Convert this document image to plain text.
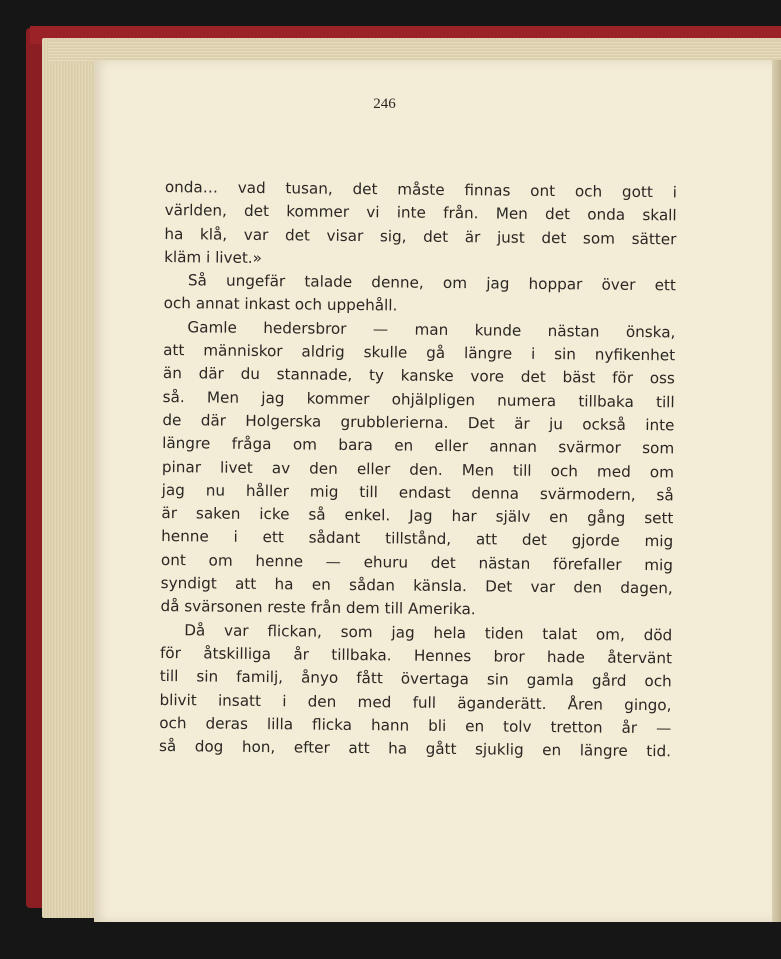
246
onda… vad tusan, det måste finnas ont och gott i
världen, det kommer vi inte från. Men det onda skall
ha klå, var det visar sig, det är just det som sätter
kläm i livet.»
Så ungefär talade denne, om jag hoppar över ett
och annat inkast och uppehåll.
Gamle hedersbror — man kunde nästan önska,
att människor aldrig skulle gå längre i sin nyfikenhet
än där du stannade, ty kanske vore det bäst för oss
så. Men jag kommer ohjälpligen numera tillbaka till
de där Holgerska grubblerierna. Det är ju också inte
längre fråga om bara en eller annan svärmor som
pinar livet av den eller den. Men till och med om
jag nu håller mig till endast denna svärmodern, så
är saken icke så enkel. Jag har själv en gång sett
henne i ett sådant tillstånd, att det gjorde mig
ont om henne — ehuru det nästan förefaller mig
syndigt att ha en sådan känsla. Det var den dagen,
då svärsonen reste från dem till Amerika.
Då var flickan, som jag hela tiden talat om, död
för åtskilliga år tillbaka. Hennes bror hade återvänt
till sin familj, ånyo fått övertaga sin gamla gård och
blivit insatt i den med full äganderätt. Åren gingo,
och deras lilla flicka hann bli en tolv tretton år —
så dog hon, efter att ha gått sjuklig en längre tid.
